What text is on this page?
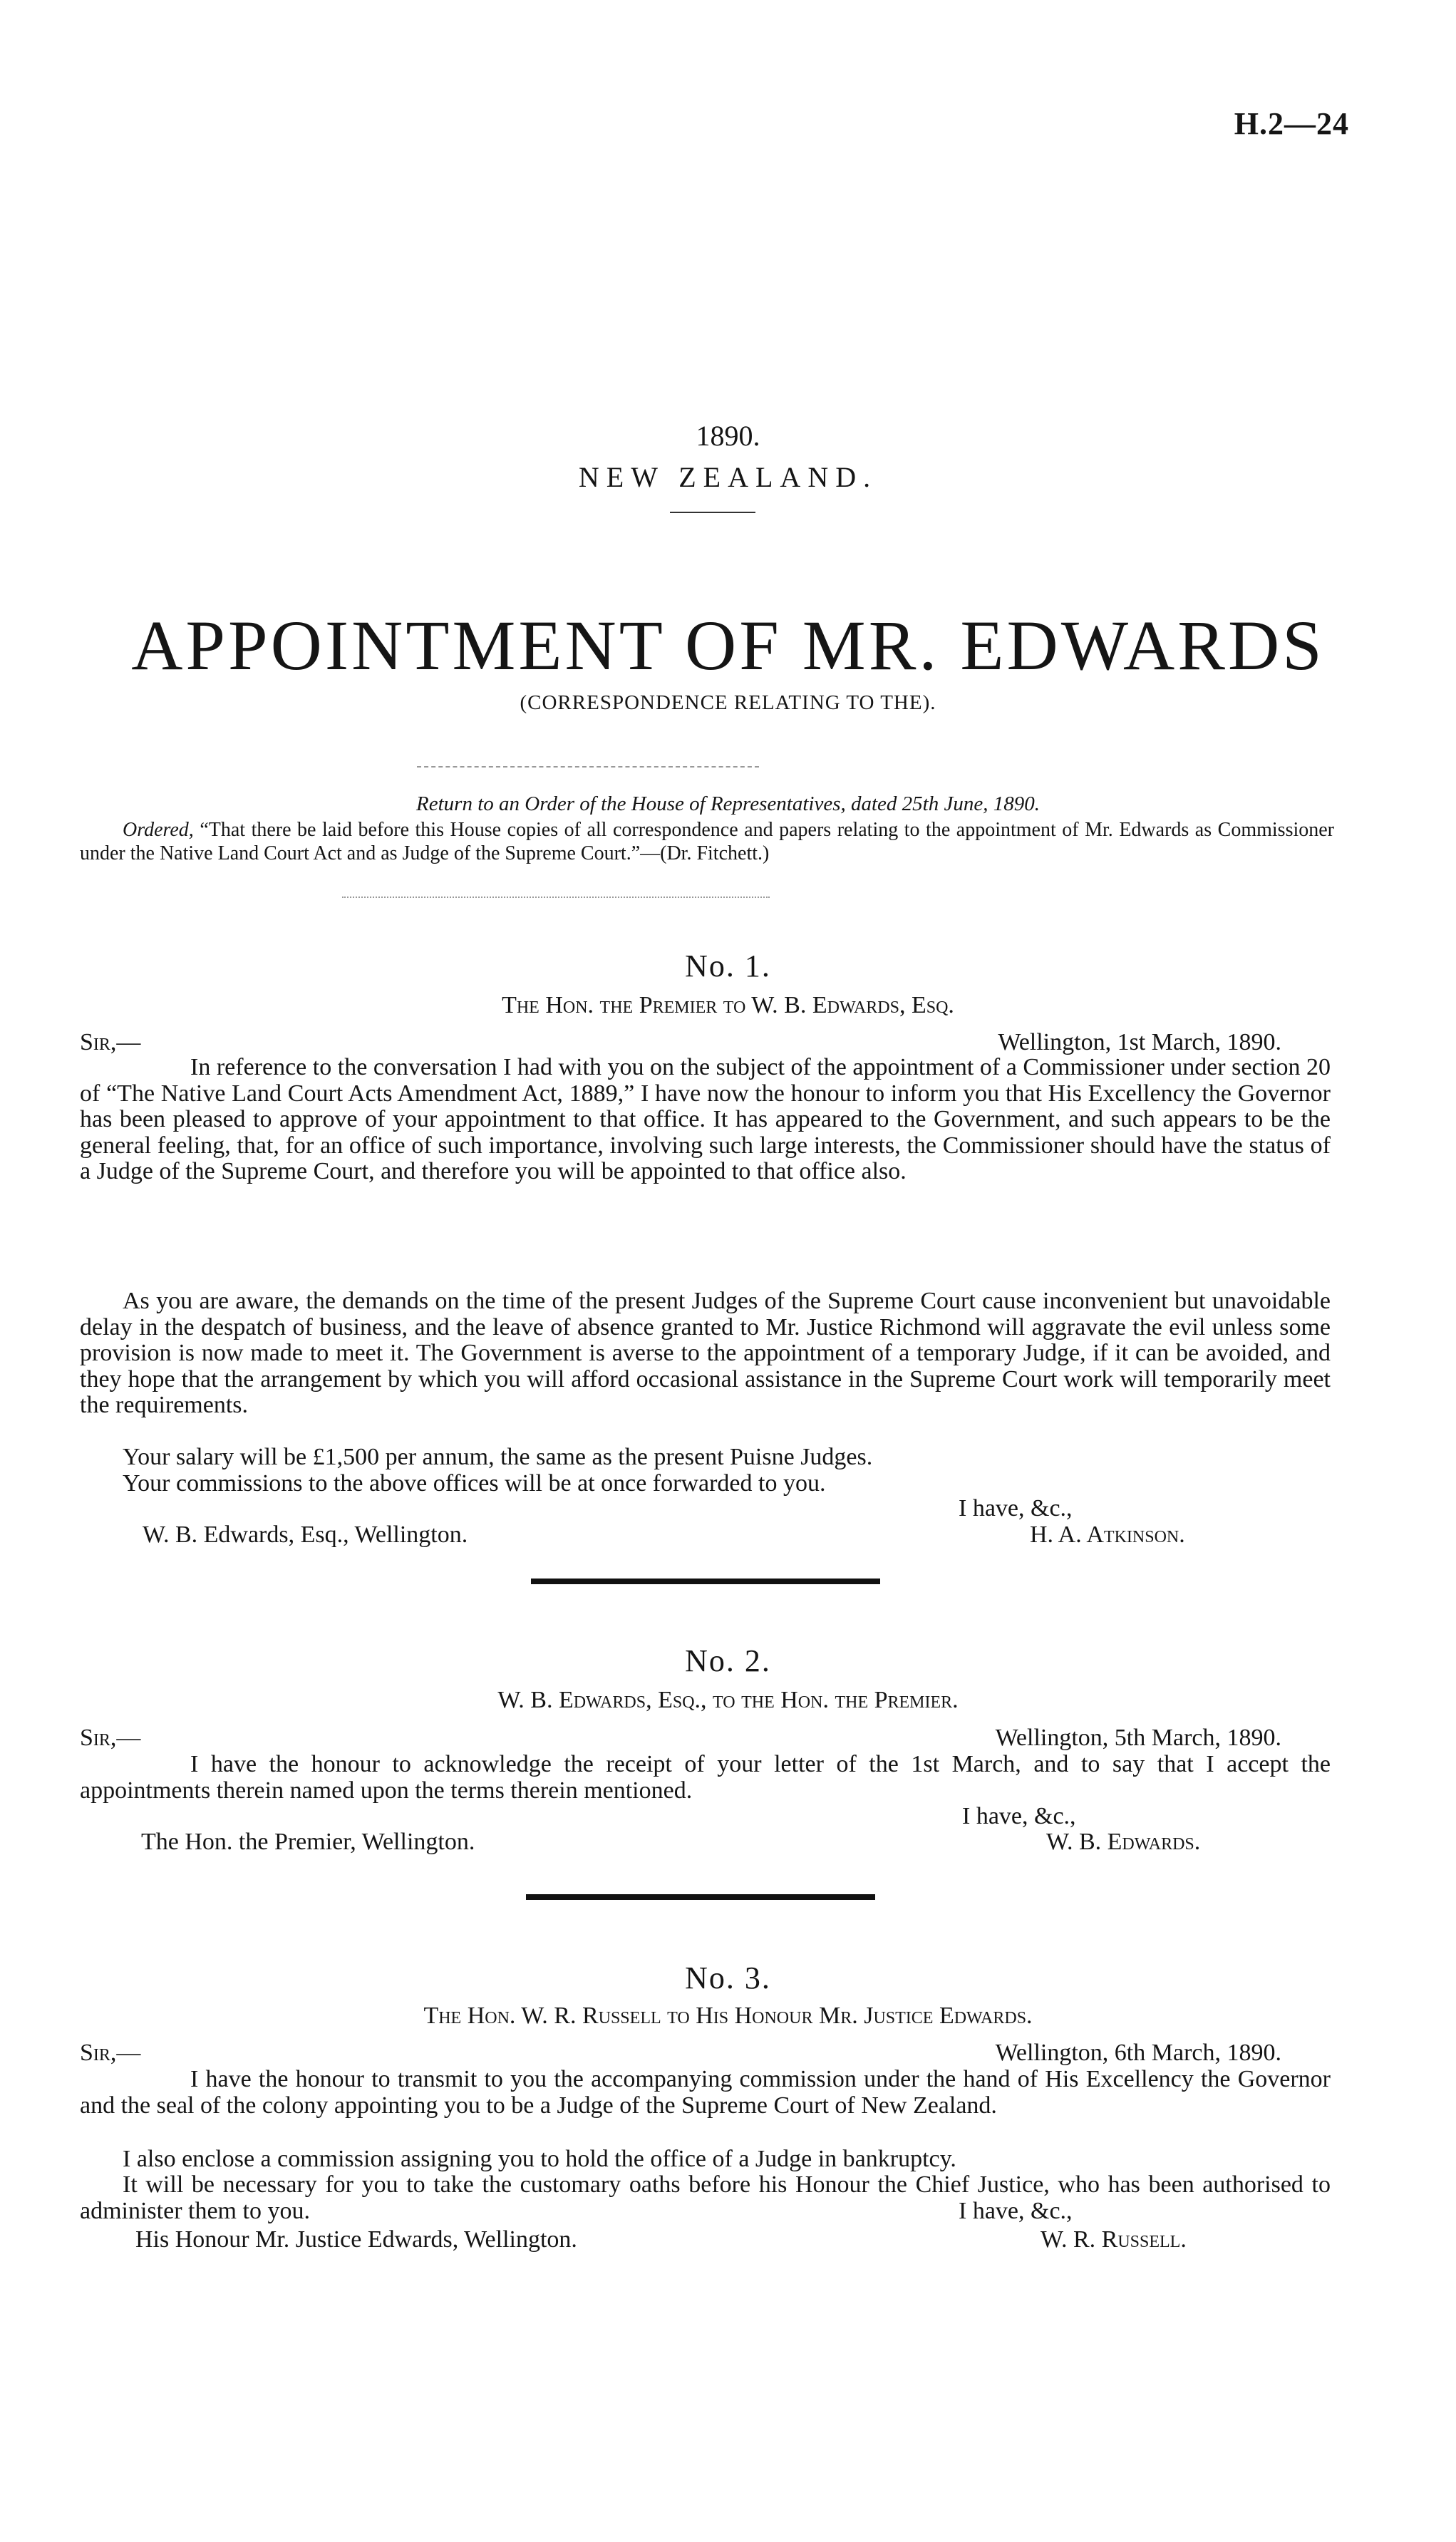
H.2—24
1890.
NEW ZEALAND.
APPOINTMENT OF MR. EDWARDS
(CORRESPONDENCE RELATING TO THE).
Return to an Order of the House of Representatives, dated 25th June, 1890.
Ordered, “That there be laid before this House copies of all correspondence and papers relating to the appointment of Mr. Edwards as Commissioner under the Native Land Court Act and as Judge of the Supreme Court.”—(Dr. Fitchett.)
No. 1.
The Hon. the Premier to W. B. Edwards, Esq.
Sir,—	Wellington, 1st March, 1890.

In reference to the conversation I had with you on the subject of the appointment of a Commissioner under section 20 of “The Native Land Court Acts Amendment Act, 1889,” I have now the honour to inform you that His Excellency the Governor has been pleased to approve of your appointment to that office. It has appeared to the Government, and such appears to be the general feeling, that, for an office of such importance, involving such large interests, the Commissioner should have the status of a Judge of the Supreme Court, and therefore you will be appointed to that office also.

As you are aware, the demands on the time of the present Judges of the Supreme Court cause inconvenient but unavoidable delay in the despatch of business, and the leave of absence granted to Mr. Justice Richmond will aggravate the evil unless some provision is now made to meet it. The Government is averse to the appointment of a temporary Judge, if it can be avoided, and they hope that the arrangement by which you will afford occasional assistance in the Supreme Court work will temporarily meet the requirements.

Your salary will be £1,500 per annum, the same as the present Puisne Judges.

Your commissions to the above offices will be at once forwarded to you.

I have, &c.,
W. B. Edwards, Esq., Wellington.	H. A. Atkinson.
No. 2.
W. B. Edwards, Esq., to the Hon. the Premier.
Sir,—	Wellington, 5th March, 1890.

I have the honour to acknowledge the receipt of your letter of the 1st March, and to say that I accept the appointments therein named upon the terms therein mentioned.

I have, &c.,
The Hon. the Premier, Wellington.	W. B. Edwards.
No. 3.
The Hon. W. R. Russell to His Honour Mr. Justice Edwards.
Sir,—	Wellington, 6th March, 1890.

I have the honour to transmit to you the accompanying commission under the hand of His Excellency the Governor and the seal of the colony appointing you to be a Judge of the Supreme Court of New Zealand.

I also enclose a commission assigning you to hold the office of a Judge in bankruptcy.

It will be necessary for you to take the customary oaths before his Honour the Chief Justice, who has been authorised to administer them to you.	I have, &c.,
His Honour Mr. Justice Edwards, Wellington.	W. R. Russell.
